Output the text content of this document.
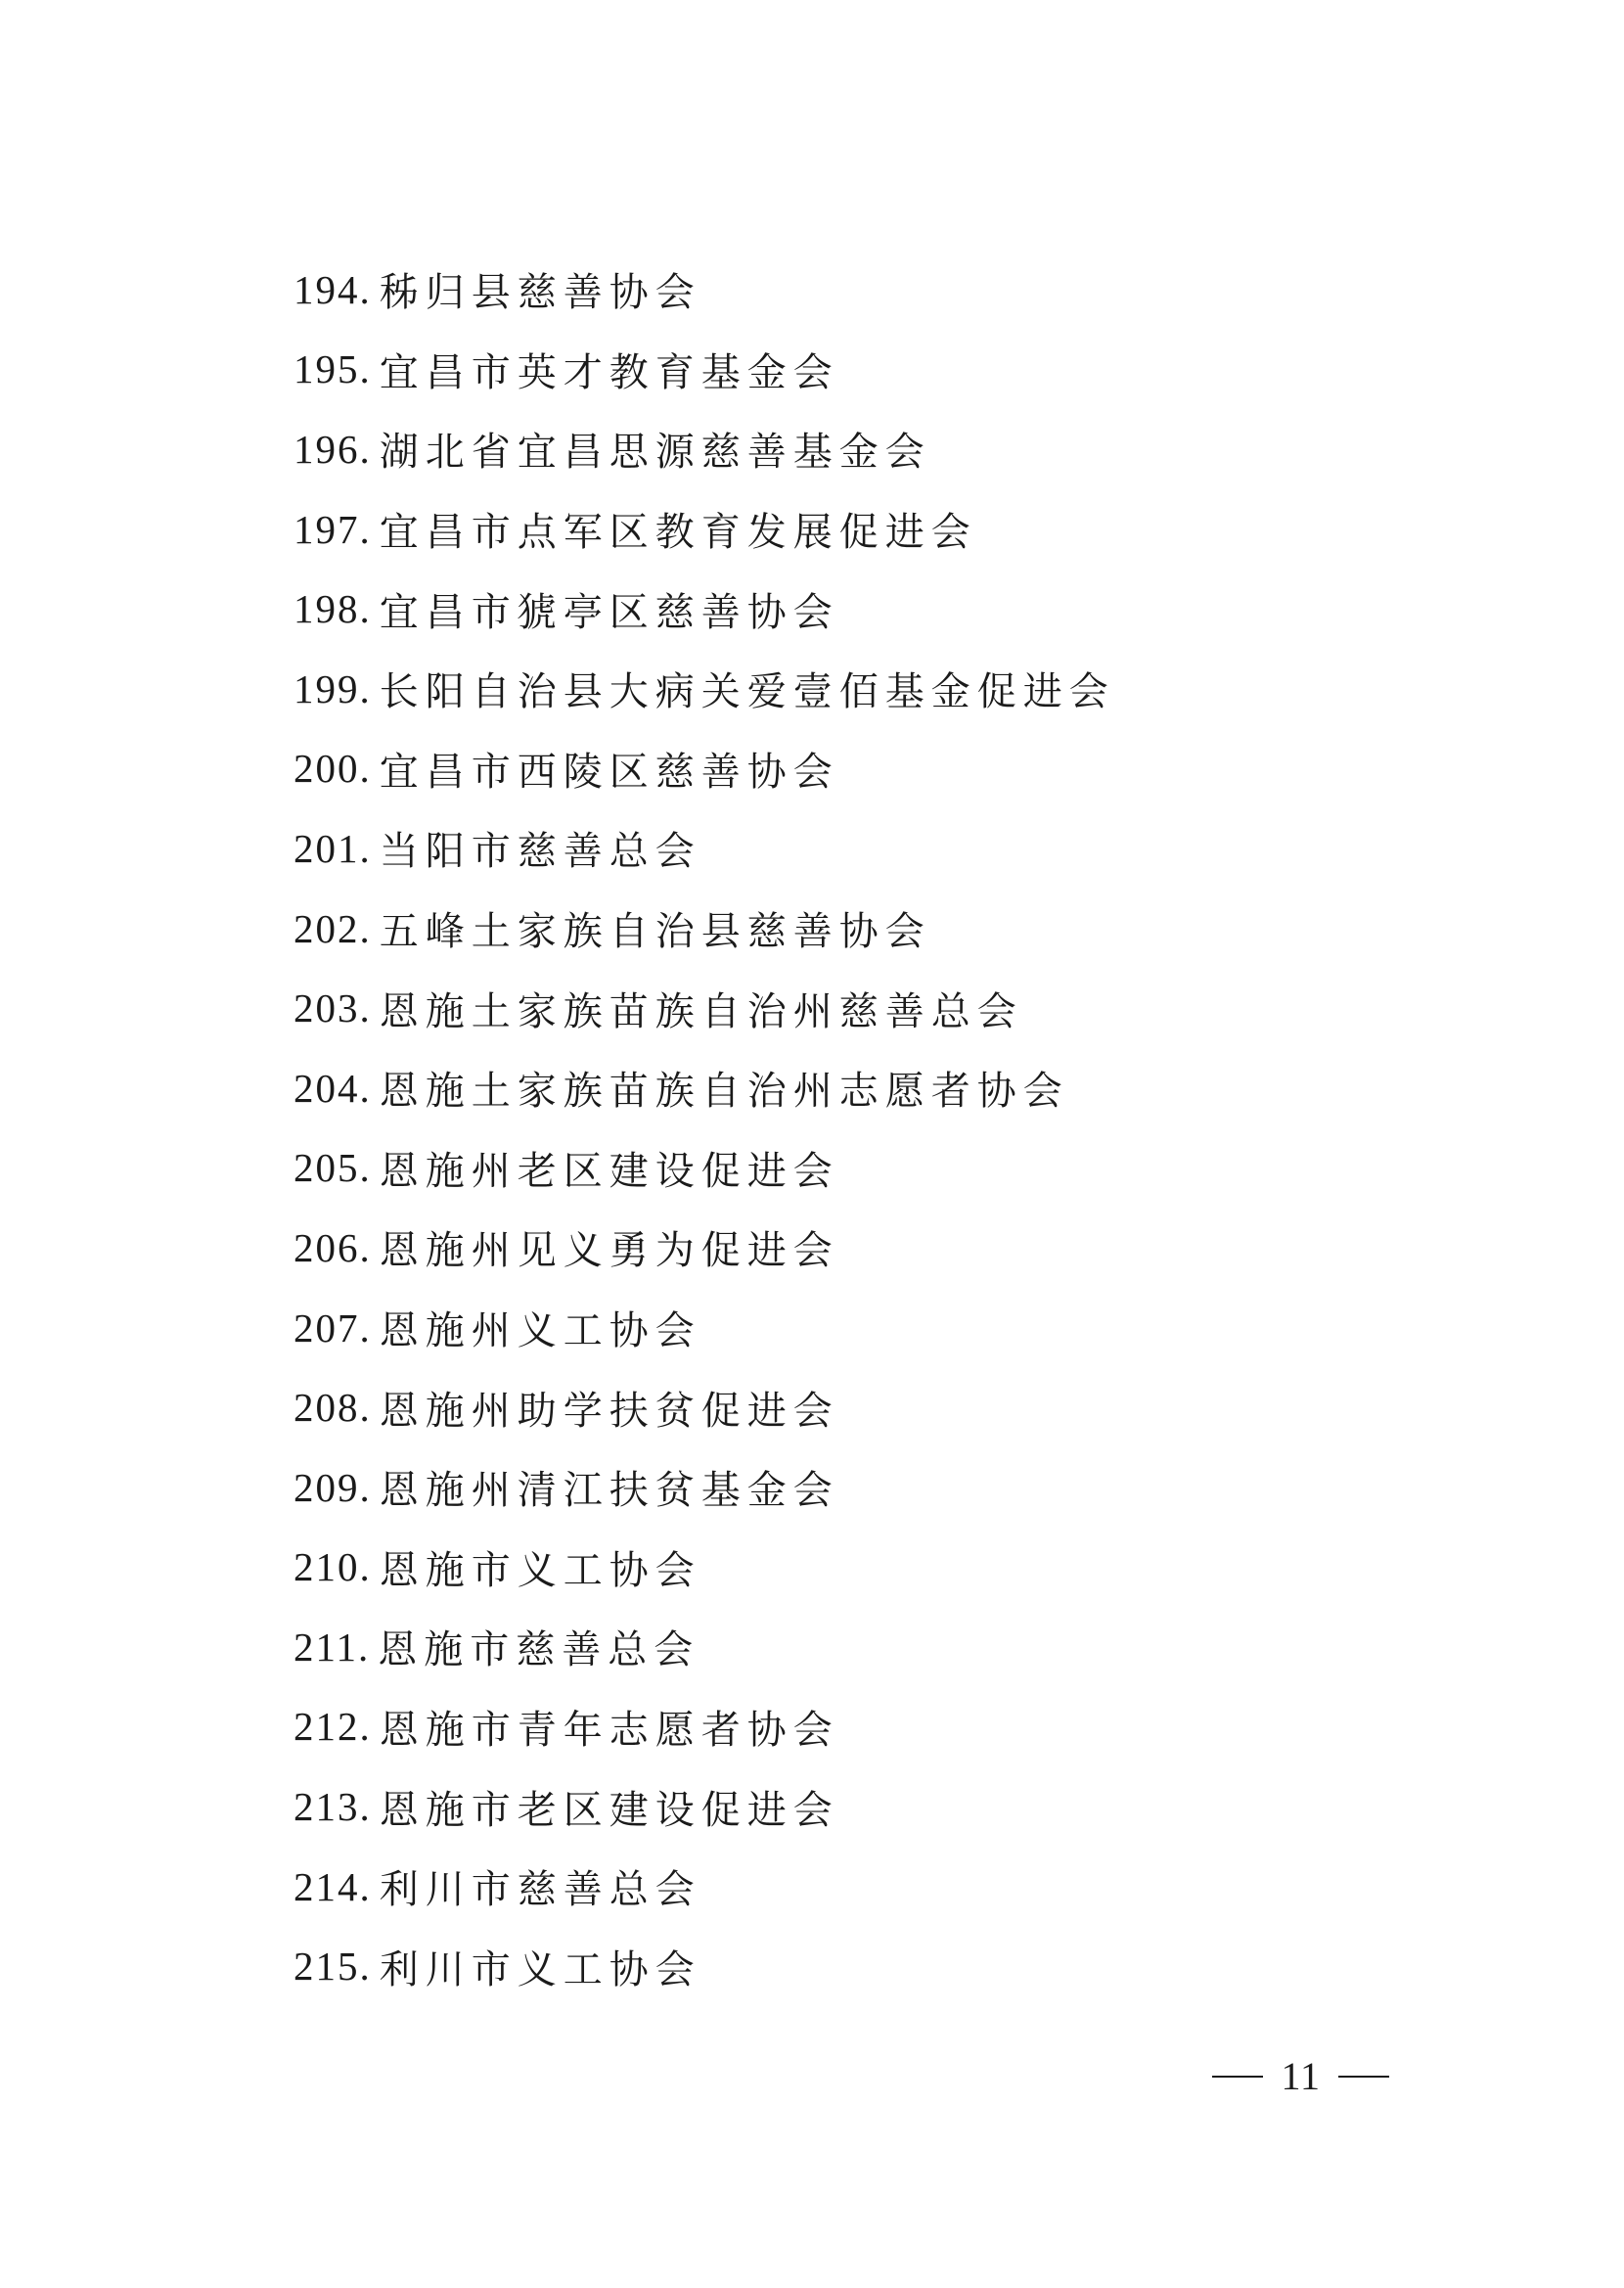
194. 秭归县慈善协会
195. 宜昌市英才教育基金会
196. 湖北省宜昌思源慈善基金会
197. 宜昌市点军区教育发展促进会
198. 宜昌市猇亭区慈善协会
199. 长阳自治县大病关爱壹佰基金促进会
200. 宜昌市西陵区慈善协会
201. 当阳市慈善总会
202. 五峰土家族自治县慈善协会
203. 恩施土家族苗族自治州慈善总会
204. 恩施土家族苗族自治州志愿者协会
205. 恩施州老区建设促进会
206. 恩施州见义勇为促进会
207. 恩施州义工协会
208. 恩施州助学扶贫促进会
209. 恩施州清江扶贫基金会
210. 恩施市义工协会
211. 恩施市慈善总会
212. 恩施市青年志愿者协会
213. 恩施市老区建设促进会
214. 利川市慈善总会
215. 利川市义工协会
11
